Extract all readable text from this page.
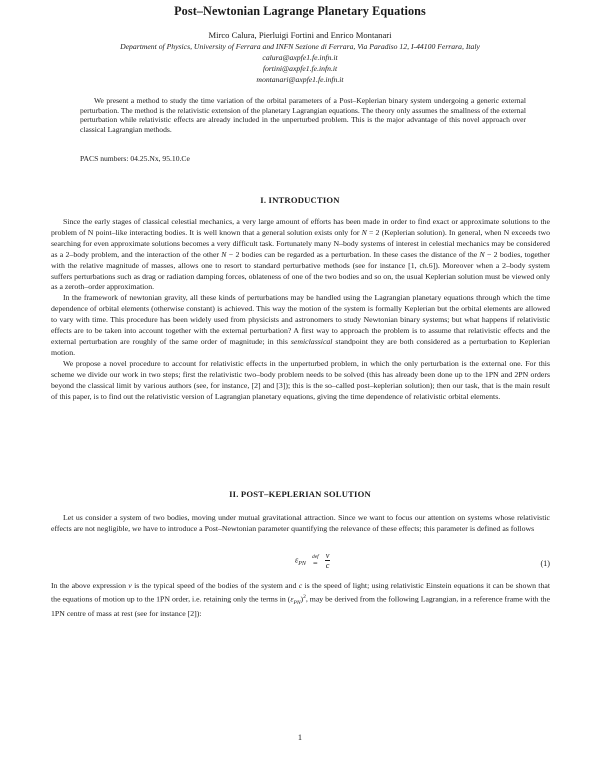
Post–Newtonian Lagrange Planetary Equations
Mirco Calura, Pierluigi Fortini and Enrico Montanari
Department of Physics, University of Ferrara and INFN Sezione di Ferrara, Via Paradiso 12, I-44100 Ferrara, Italy
calura@axpfe1.fe.infn.it
fortini@axpfe1.fe.infn.it
montanari@axpfe1.fe.infn.it
We present a method to study the time variation of the orbital parameters of a Post–Keplerian binary system undergoing a generic external perturbation. The method is the relativistic extension of the planetary Lagrangian equations. The theory only assumes the smallness of the external perturbation while relativistic effects are already included in the unperturbed problem. This is the major advantage of this novel approach over classical Lagrangian methods.
PACS numbers: 04.25.Nx, 95.10.Ce
I. INTRODUCTION

Since the early stages of classical celestial mechanics, a very large amount of efforts has been made in order to find exact or approximate solutions to the problem of N point–like interacting bodies. It is well known that a general solution exists only for N = 2 (Keplerian solution). In general, when N exceeds two searching for even approximate solutions becomes a very difficult task. Fortunately many N–body systems of interest in celestial mechanics may be considered as a 2–body problem, and the interaction of the other N − 2 bodies can be regarded as a perturbation. In these cases the distance of the N − 2 bodies, together with the relative magnitude of masses, allows one to resort to standard perturbative methods (see for instance [1, ch.6]). Moreover when a 2–body system suffers perturbations such as drag or radiation damping forces, oblateness of one of the two bodies and so on, the usual Keplerian solution must be viewed only as a zeroth–order approximation.

In the framework of newtonian gravity, all these kinds of perturbations may be handled using the Lagrangian planetary equations through which the time dependence of orbital elements (otherwise constant) is achieved. This way the motion of the system is formally Keplerian but the orbital elements are allowed to vary with time. This procedure has been widely used from physicists and astronomers to study Newtonian binary systems; but what happens if relativistic effects are to be taken into account together with the external perturbation? A first way to approach the problem is to assume that relativistic effects and the external perturbation are roughly of the same order of magnitude; in this semiclassical standpoint they are both considered as a perturbation to Keplerian motion.

We propose a novel procedure to account for relativistic effects in the unperturbed problem, in which the only perturbation is the external one. For this scheme we divide our work in two steps; first the relativistic two–body problem needs to be solved (this has already been done up to the 1PN and 2PN orders beyond the classical limit by various authors (see, for instance, [2] and [3]); this is the so–called post–keplerian solution); then our task, that is the main result of this paper, is to find out the relativistic version of Lagrangian planetary equations, giving the time dependence of relativistic orbital elements.

II. POST–KEPLERIAN SOLUTION

Let us consider a system of two bodies, moving under mutual gravitational attraction. Since we want to focus our attention on systems whose relativistic effects are not negligible, we have to introduce a Post–Newtonian parameter quantifying the relevance of these effects; this parameter is defined as follows

$\varepsilon_{PN}$
def
=
$\frac{v}{c}$	(1)

In the above expression v is the typical speed of the bodies of the system and c is the speed of light; using relativistic Einstein equations it can be shown that the equations of motion up to the 1PN order, i.e. retaining only the terms in $(\varepsilon_{PN})^2$, may be derived from the following Lagrangian, in a reference frame with the 1PN centre of mass at rest (see for instance [2]):

1
